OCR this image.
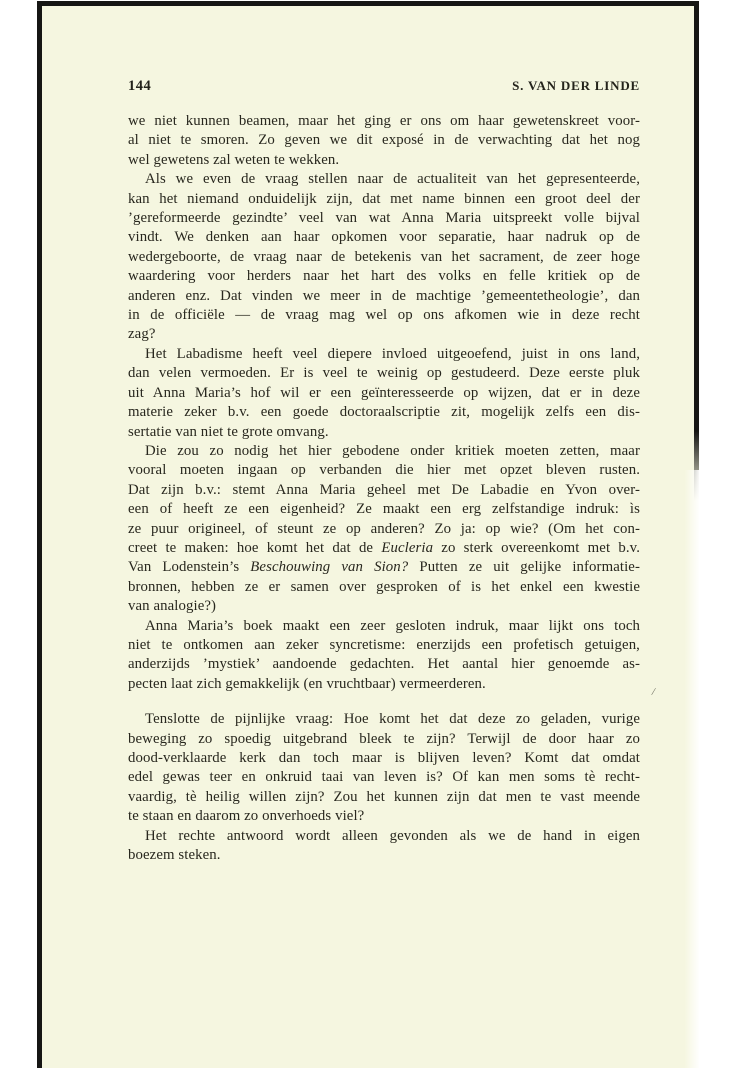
144	S. VAN DER LINDE
we niet kunnen beamen, maar het ging er ons om haar gewetenskreet voor-
al niet te smoren. Zo geven we dit exposé in de verwachting dat het nog
wel gewetens zal weten te wekken.
Als we even de vraag stellen naar de actualiteit van het gepresenteerde,
kan het niemand onduidelijk zijn, dat met name binnen een groot deel der
’gereformeerde gezindte’ veel van wat Anna Maria uitspreekt volle bijval
vindt. We denken aan haar opkomen voor separatie, haar nadruk op de
wedergeboorte, de vraag naar de betekenis van het sacrament, de zeer hoge
waardering voor herders naar het hart des volks en felle kritiek op de
anderen enz. Dat vinden we meer in de machtige ’gemeentetheologie’, dan
in de officiële — de vraag mag wel op ons afkomen wie in deze recht
zag?
Het Labadisme heeft veel diepere invloed uitgeoefend, juist in ons land,
dan velen vermoeden. Er is veel te weinig op gestudeerd. Deze eerste pluk
uit Anna Maria’s hof wil er een geïnteresseerde op wijzen, dat er in deze
materie zeker b.v. een goede doctoraalscriptie zit, mogelijk zelfs een dis-
sertatie van niet te grote omvang.
Die zou zo nodig het hier gebodene onder kritiek moeten zetten, maar
vooral moeten ingaan op verbanden die hier met opzet bleven rusten.
Dat zijn b.v.: stemt Anna Maria geheel met De Labadie en Yvon over-
een of heeft ze een eigenheid? Ze maakt een erg zelfstandige indruk: ìs
ze puur origineel, of steunt ze op anderen? Zo ja: op wie? (Om het con-
creet te maken: hoe komt het dat de Eucleria zo sterk overeenkomt met b.v.
Van Lodenstein’s Beschouwing van Sion? Putten ze uit gelijke informatie-
bronnen, hebben ze er samen over gesproken of is het enkel een kwestie
van analogie?)
Anna Maria’s boek maakt een zeer gesloten indruk, maar lijkt ons toch
niet te ontkomen aan zeker syncretisme: enerzijds een profetisch getuigen,
anderzijds ’mystiek’ aandoende gedachten. Het aantal hier genoemde as-
pecten laat zich gemakkelijk (en vruchtbaar) vermeerderen.
Tenslotte de pijnlijke vraag: Hoe komt het dat deze zo geladen, vurige
beweging zo spoedig uitgebrand bleek te zijn? Terwijl de door haar zo
dood-verklaarde kerk dan toch maar is blijven leven? Komt dat omdat
edel gewas teer en onkruid taai van leven is? Of kan men soms tè recht-
vaardig, tè heilig willen zijn? Zou het kunnen zijn dat men te vast meende
te staan en daarom zo onverhoeds viel?
Het rechte antwoord wordt alleen gevonden als we de hand in eigen
boezem steken.
/
